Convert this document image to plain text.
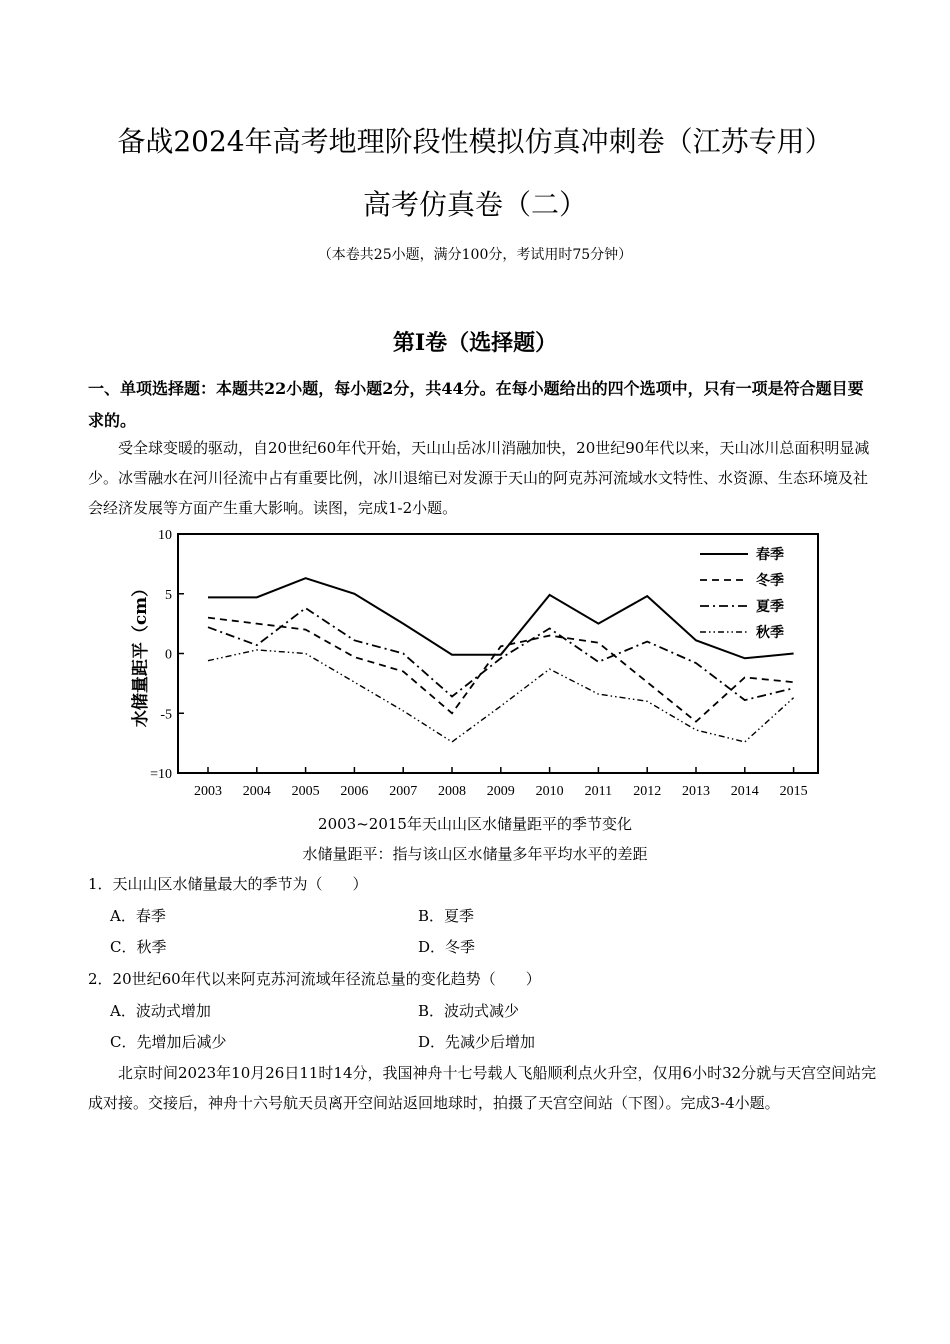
备战2024年高考地理阶段性模拟仿真冲刺卷（江苏专用）
高考仿真卷（二）
（本卷共25小题，满分100分，考试用时75分钟）
第I卷（选择题）
一、单项选择题：本题共22小题，每小题2分，共44分。在每小题给出的四个选项中，只有一项是符合题目要求的。
受全球变暖的驱动，自20世纪60年代开始，天山山岳冰川消融加快，20世纪90年代以来，天山冰川总面积明显减少。冰雪融水在河川径流中占有重要比例，冰川退缩已对发源于天山的阿克苏河流域水文特性、水资源、生态环境及社会经济发展等方面产生重大影响。读图，完成1-2小题。
10
5
0
-5
=10
2003 2004 2005 2006 2007 2008 2009 2010 2011 2012 2013 2014 2015
水储量距平（cm）
春季
冬季
夏季
秋季
2003~2015年天山山区水储量距平的季节变化
水储量距平：指与该山区水储量多年平均水平的差距
1．天山山区水储量最大的季节为（　　）
A．春季	B．夏季
C．秋季	D．冬季
2．20世纪60年代以来阿克苏河流域年径流总量的变化趋势（　　）
A．波动式增加	B．波动式减少
C．先增加后减少	D．先减少后增加
北京时间2023年10月26日11时14分，我国神舟十七号载人飞船顺利点火升空，仅用6小时32分就与天宫空间站完成对接。交接后，神舟十六号航天员离开空间站返回地球时，拍摄了天宫空间站（下图）。完成3-4小题。
